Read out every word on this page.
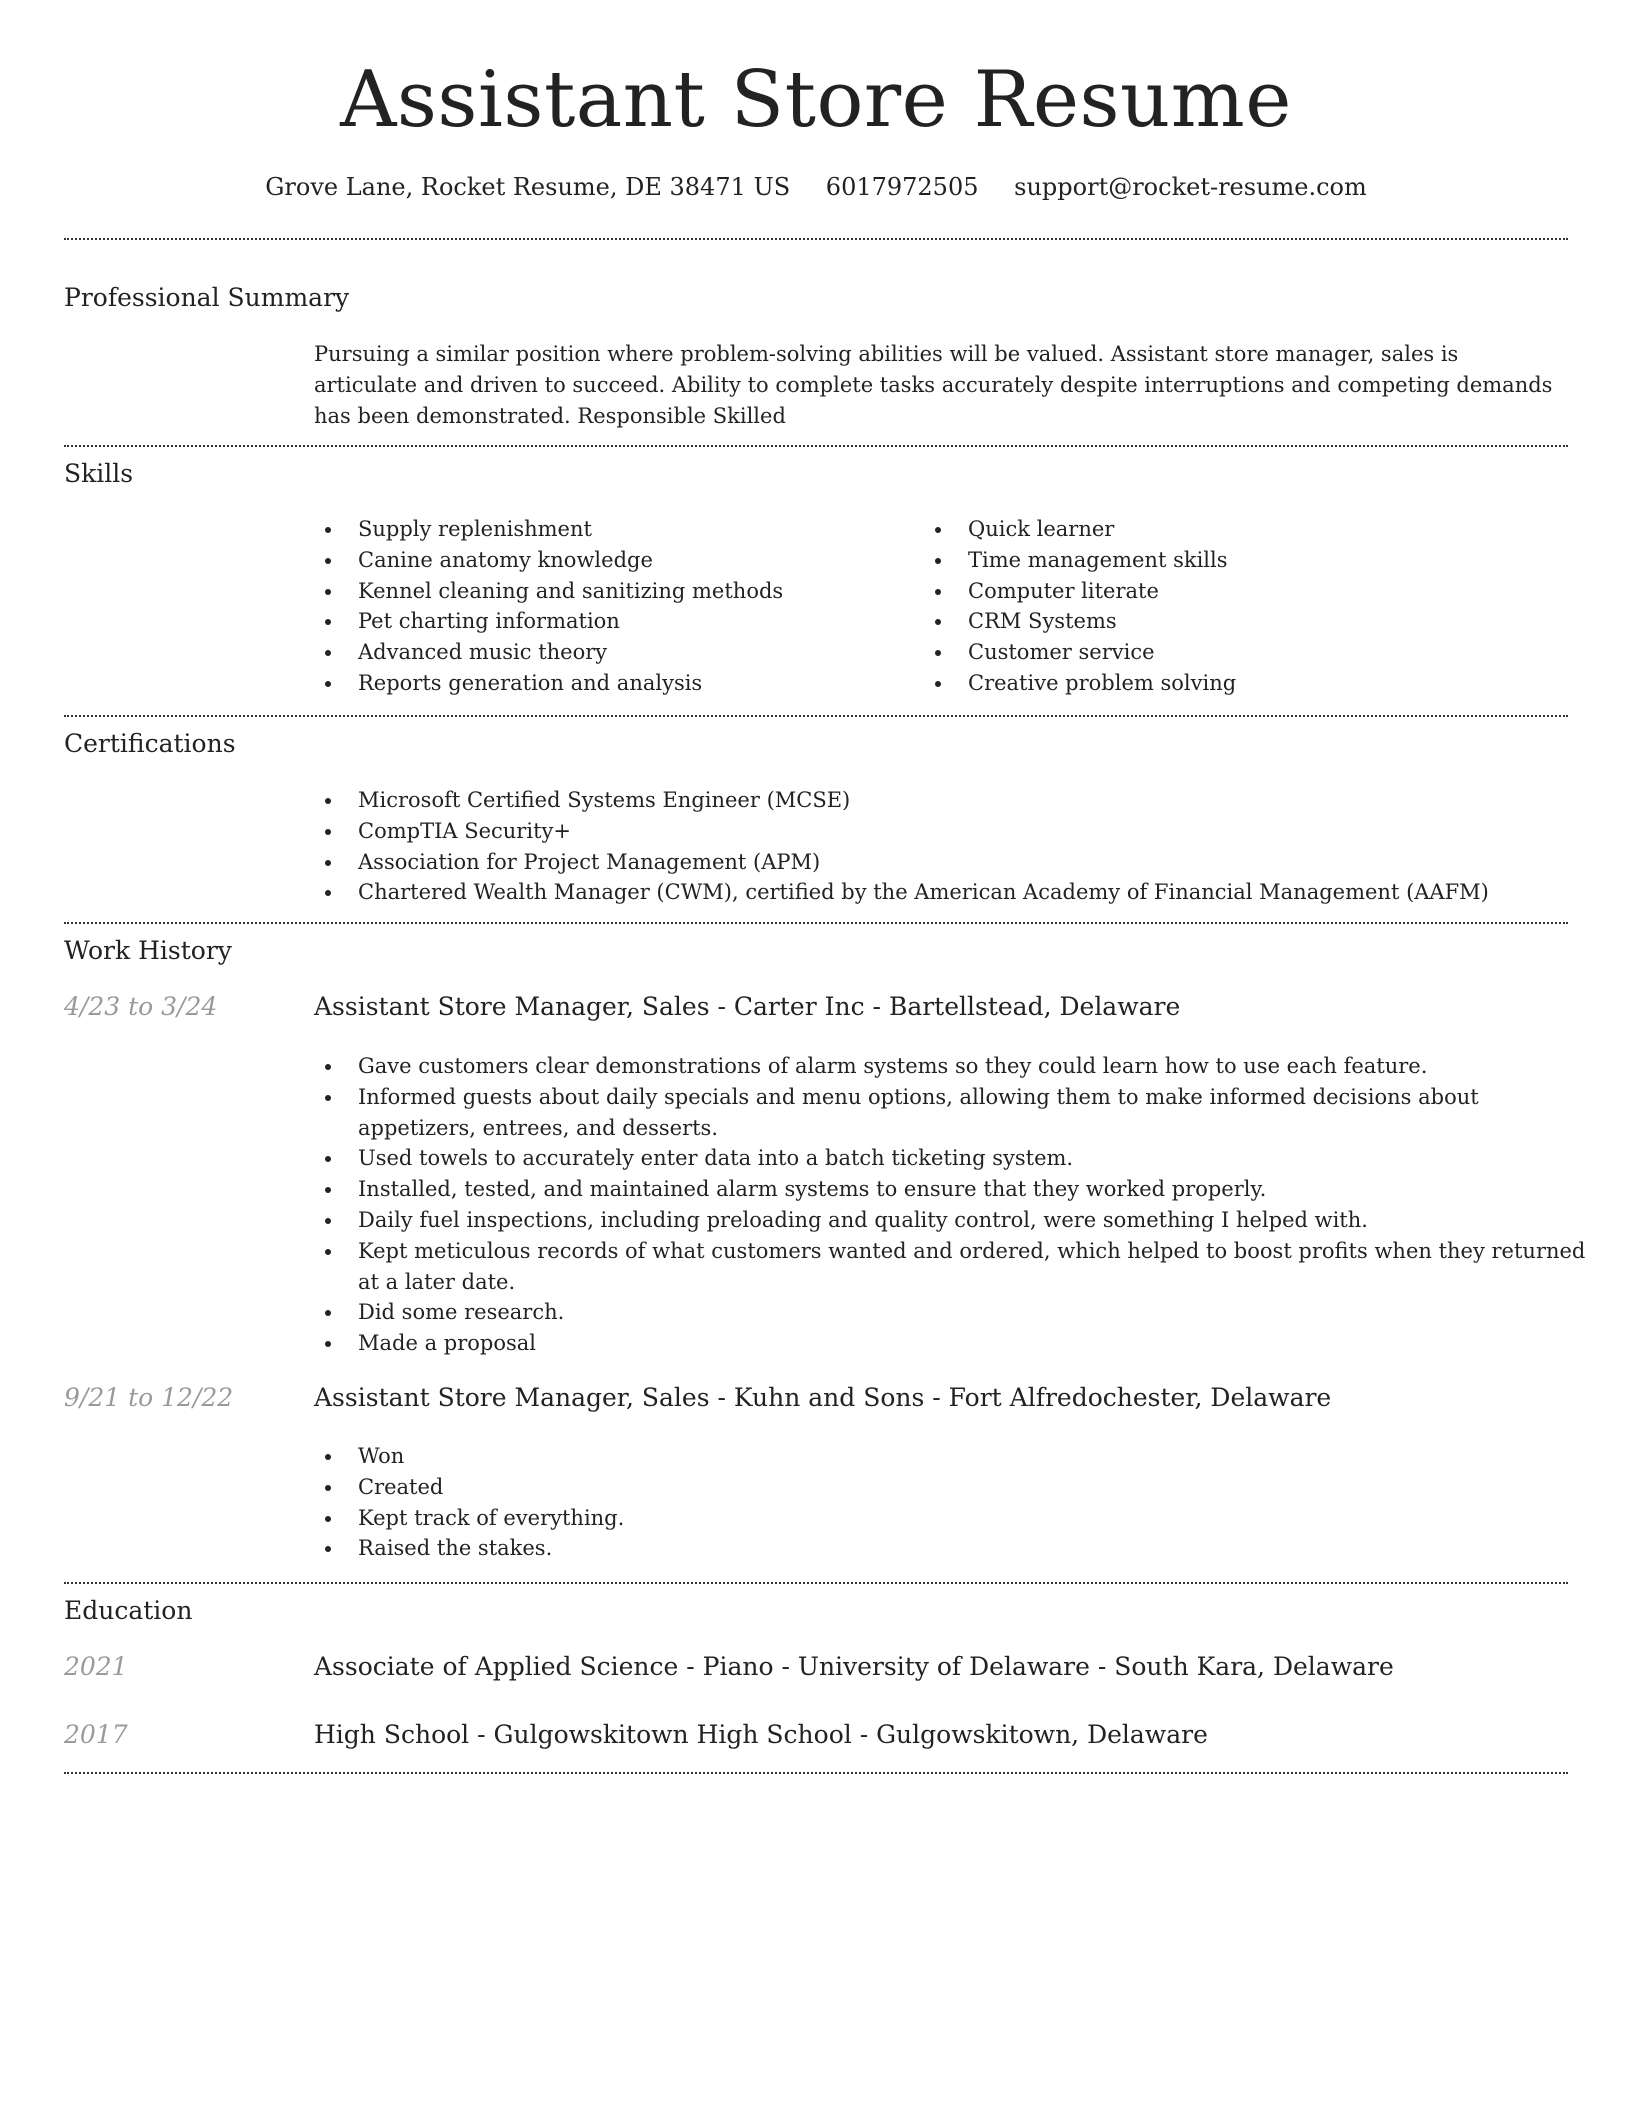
Assistant Store Resume
Grove Lane, Rocket Resume, DE 38471 US 6017972505 support@rocket-resume.com
Professional Summary

Pursuing a similar position where problem-solving abilities will be valued. Assistant store manager, sales is articulate and driven to succeed. Ability to complete tasks accurately despite interruptions and competing demands has been demonstrated. Responsible Skilled

Skills
• Supply replenishment
• Canine anatomy knowledge
• Kennel cleaning and sanitizing methods
• Pet charting information
• Advanced music theory
• Reports generation and analysis
• Quick learner
• Time management skills
• Computer literate
• CRM Systems
• Customer service
• Creative problem solving
Certifications
• Microsoft Certified Systems Engineer (MCSE)
• CompTIA Security+
• Association for Project Management (APM)
• Chartered Wealth Manager (CWM), certified by the American Academy of Financial Management (AAFM)
Work History
4/23 to 3/24	Assistant Store Manager, Sales - Carter Inc - Bartellstead, Delaware
• Gave customers clear demonstrations of alarm systems so they could learn how to use each feature.
• Informed guests about daily specials and menu options, allowing them to make informed decisions about appetizers, entrees, and desserts.
• Used towels to accurately enter data into a batch ticketing system.
• Installed, tested, and maintained alarm systems to ensure that they worked properly.
• Daily fuel inspections, including preloading and quality control, were something I helped with.
• Kept meticulous records of what customers wanted and ordered, which helped to boost profits when they returned at a later date.
• Did some research.
• Made a proposal
9/21 to 12/22	Assistant Store Manager, Sales - Kuhn and Sons - Fort Alfredochester, Delaware
• Won
• Created
• Kept track of everything.
• Raised the stakes.
Education
2021	Associate of Applied Science - Piano - University of Delaware - South Kara, Delaware
2017	High School - Gulgowskitown High School - Gulgowskitown, Delaware
